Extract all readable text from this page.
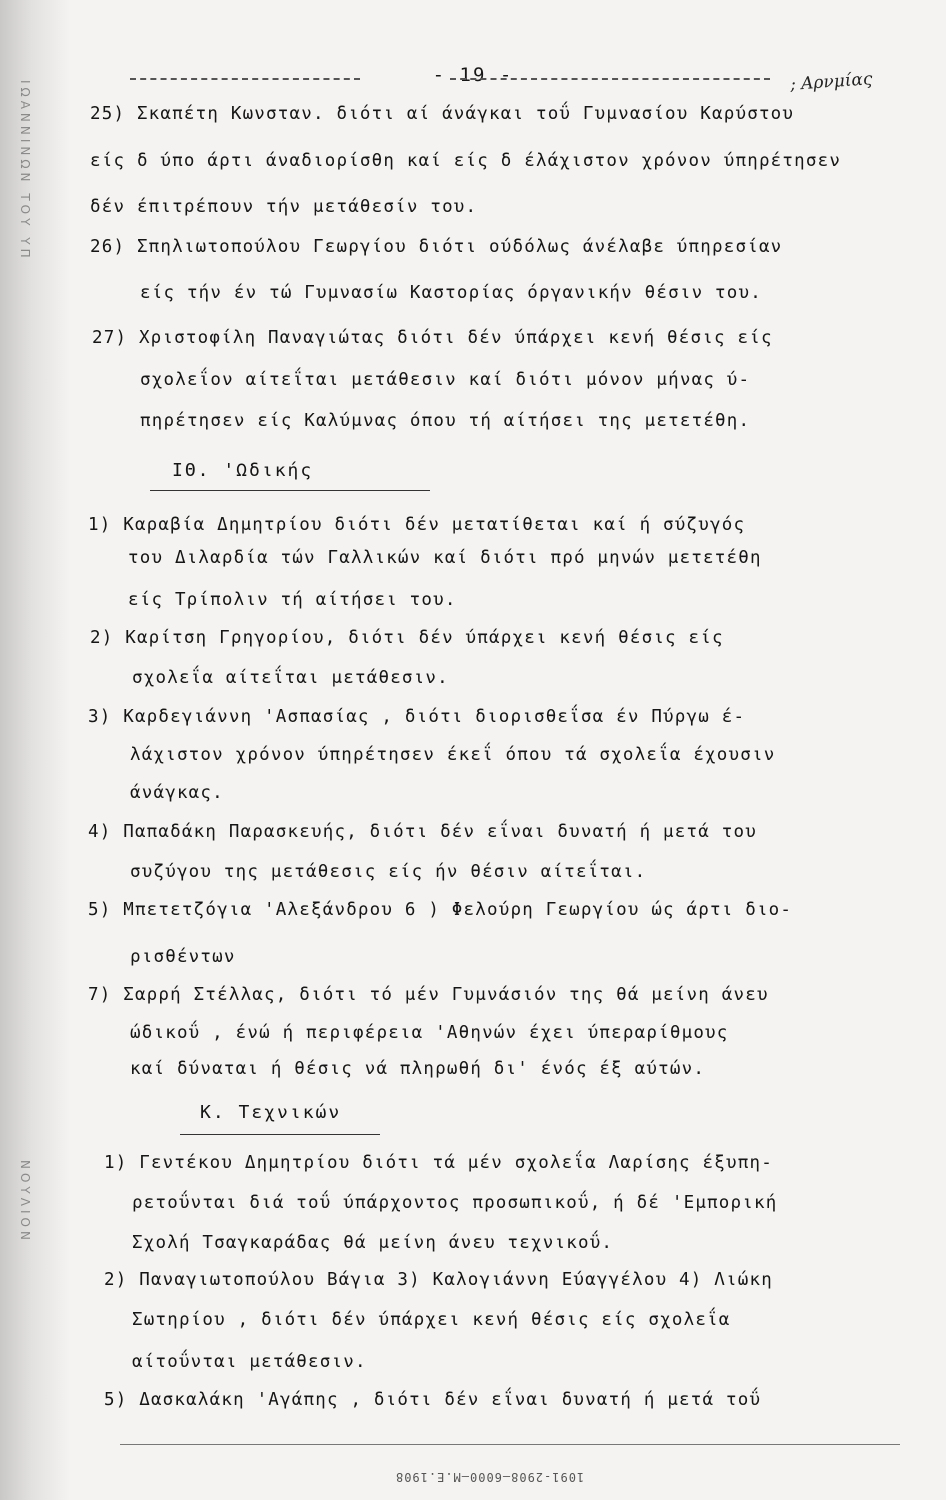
ΙΩΑΝΝΙΝΩΝ ΤΟΥ ΥΠ
ΝΟΥΛΙΟΝ
- 19 -	; Αρνμίας
25) Σκαπέτη Κωνσταν. διότι αί άνάγκαι τοΰ Γυμνασίου Καρύστου
είς δ ύπο άρτι άναδιορίσθη καί είς δ έλάχιστον χρόνον ύπηρέτησεν
δέν έπιτρέπουν τήν μετάθεσίν του.
26) Σπηλιωτοπούλου Γεωργίου διότι ούδόλως άνέλαβε ύπηρεσίαν
είς τήν έν τώ Γυμνασίω Καστορίας όργανικήν θέσιν του.
27) Χριστοφίλη Παναγιώτας διότι δέν ύπάρχει κενή θέσις είς
σχολεΐον αίτεΐται μετάθεσιν καί διότι μόνον μήνας ύ-
πηρέτησεν είς Καλύμνας όπου τή αίτήσει της μετετέθη.
1) Καραβία Δημητρίου διότι δέν μετατίθεται καί ή σύζυγός
του Διλαρδία τών Γαλλικών καί διότι πρό μηνών μετετέθη
είς Τρίπολιν τή αίτήσει του.
2) Καρίτση Γρηγορίου, διότι δέν ύπάρχει κενή θέσις είς
σχολεΐα αίτεΐται μετάθεσιν.
3) Καρδεγιάννη 'Ασπασίας , διότι διορισθεΐσα έν Πύργω έ-
λάχιστον χρόνον ύπηρέτησεν έκεΐ όπου τά σχολεΐα έχουσιν
άνάγκας.
4) Παπαδάκη Παρασκευής, διότι δέν εΐναι δυνατή ή μετά του
συζύγου της μετάθεσις είς ήν θέσιν αίτεΐται.
5) Μπετετζόγια 'Αλεξάνδρου 6 ) Φελούρη Γεωργίου ώς άρτι διο-
ρισθέντων
7) Σαρρή Στέλλας, διότι τό μέν Γυμνάσιόν της θά μείνη άνευ
ώδικοΰ , ένώ ή περιφέρεια 'Αθηνών έχει ύπεραρίθμους
καί δύναται ή θέσις νά πληρωθή δι' ένός έξ αύτών.
1) Γεντέκου Δημητρίου διότι τά μέν σχολεΐα Λαρίσης έξυπη-
ρετοΰνται διά τοΰ ύπάρχοντος προσωπικοΰ, ή δέ 'Εμπορική
Σχολή Τσαγκαράδας θά μείνη άνευ τεχνικοΰ.
2) Παναγιωτοπούλου Βάγια 3) Καλογιάννη Εύαγγέλου 4) Λιώκη
Σωτηρίου , διότι δέν ύπάρχει κενή θέσις είς σχολεΐα
αίτοΰνται μετάθεσιν.
5) Δασκαλάκη 'Αγάπης , διότι δέν εΐναι δυνατή ή μετά τοΰ
ΙΘ. 'Ωδικής
Κ. Τεχνικών
1091-2908—6000—Μ.Ε.1908
